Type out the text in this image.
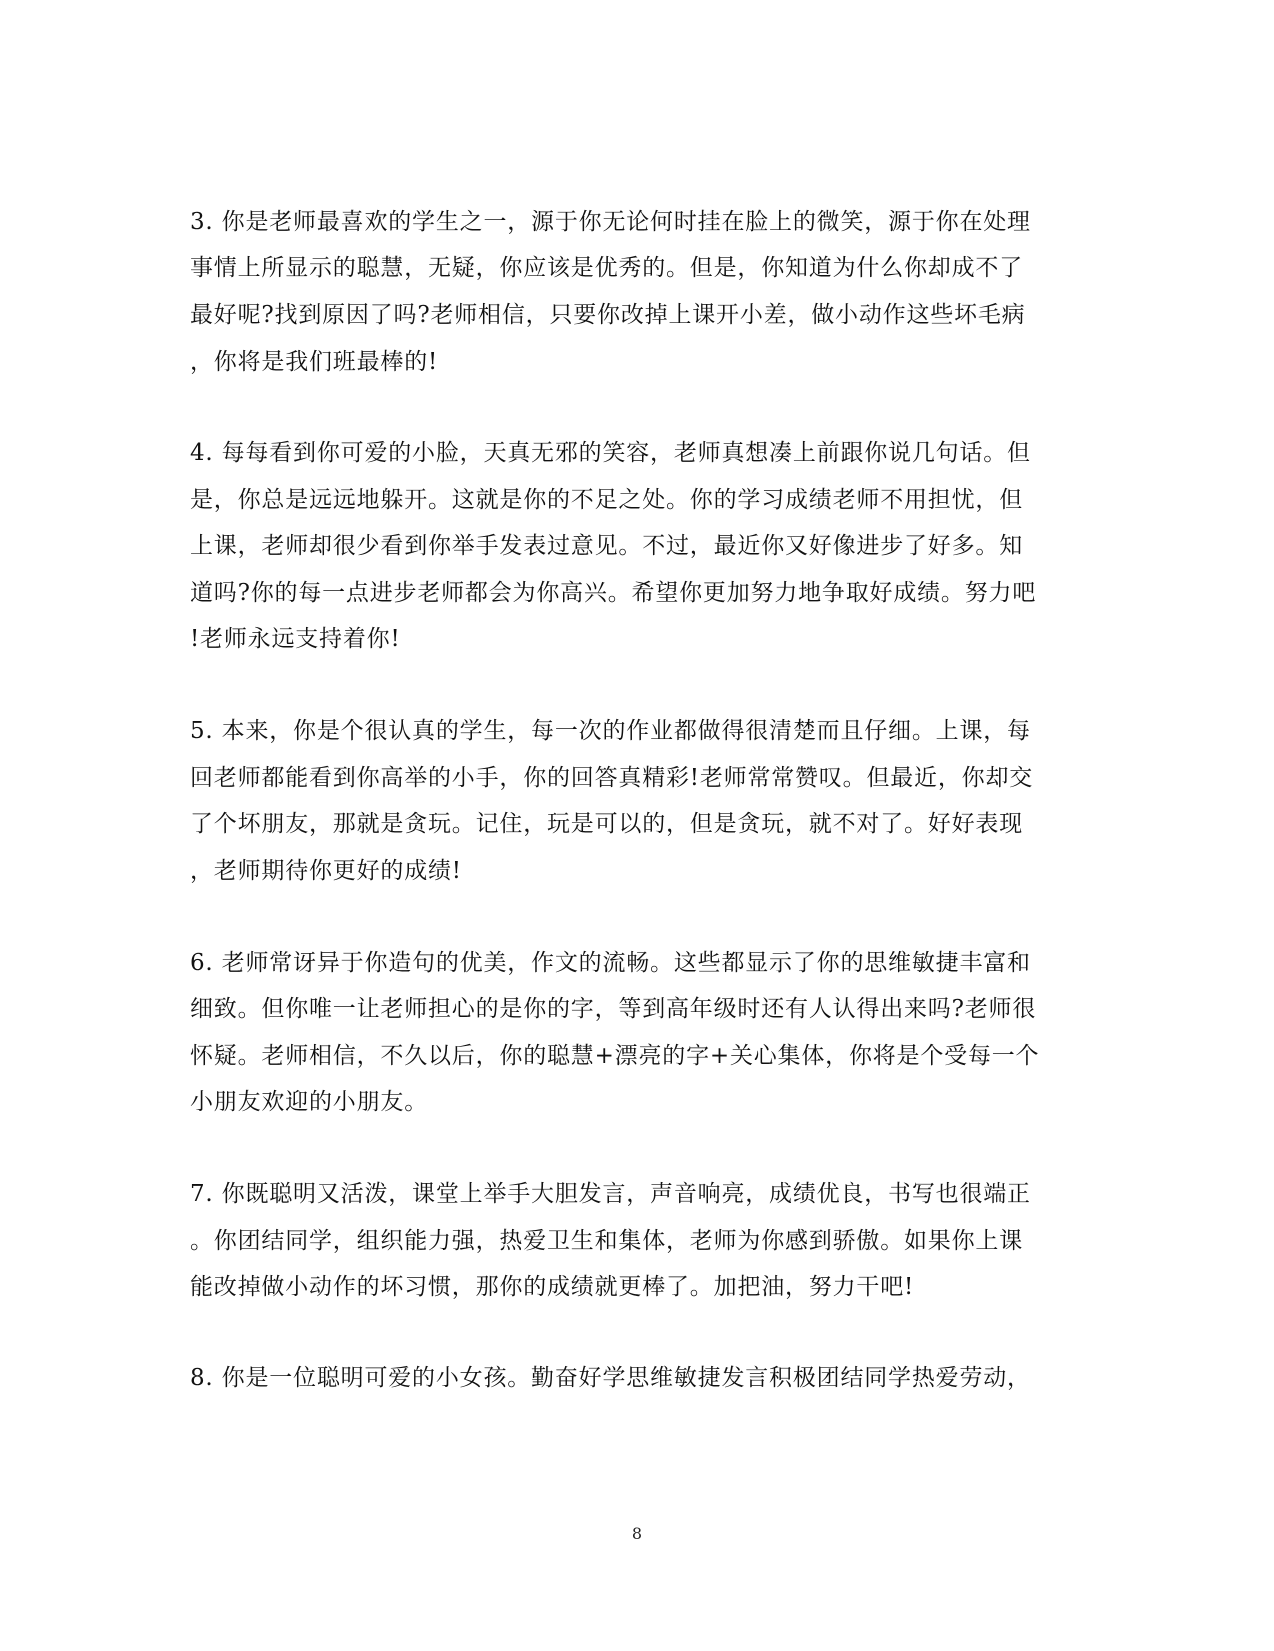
3. 你是老师最喜欢的学生之一，源于你无论何时挂在脸上的微笑，源于你在处理
事情上所显示的聪慧，无疑，你应该是优秀的。但是，你知道为什么你却成不了
最好呢?找到原因了吗?老师相信，只要你改掉上课开小差，做小动作这些坏毛病
，你将是我们班最棒的!
4. 每每看到你可爱的小脸，天真无邪的笑容，老师真想凑上前跟你说几句话。但
是，你总是远远地躲开。这就是你的不足之处。你的学习成绩老师不用担忧，但
上课，老师却很少看到你举手发表过意见。不过，最近你又好像进步了好多。知
道吗?你的每一点进步老师都会为你高兴。希望你更加努力地争取好成绩。努力吧
!老师永远支持着你!
5. 本来，你是个很认真的学生，每一次的作业都做得很清楚而且仔细。上课，每
回老师都能看到你高举的小手，你的回答真精彩!老师常常赞叹。但最近，你却交
了个坏朋友，那就是贪玩。记住，玩是可以的，但是贪玩，就不对了。好好表现
，老师期待你更好的成绩!
6. 老师常讶异于你造句的优美，作文的流畅。这些都显示了你的思维敏捷丰富和
细致。但你唯一让老师担心的是你的字，等到高年级时还有人认得出来吗?老师很
怀疑。老师相信，不久以后，你的聪慧+漂亮的字+关心集体，你将是个受每一个
小朋友欢迎的小朋友。
7. 你既聪明又活泼，课堂上举手大胆发言，声音响亮，成绩优良，书写也很端正
。你团结同学，组织能力强，热爱卫生和集体，老师为你感到骄傲。如果你上课
能改掉做小动作的坏习惯，那你的成绩就更棒了。加把油，努力干吧!
8. 你是一位聪明可爱的小女孩。勤奋好学思维敏捷发言积极团结同学热爱劳动，
8
